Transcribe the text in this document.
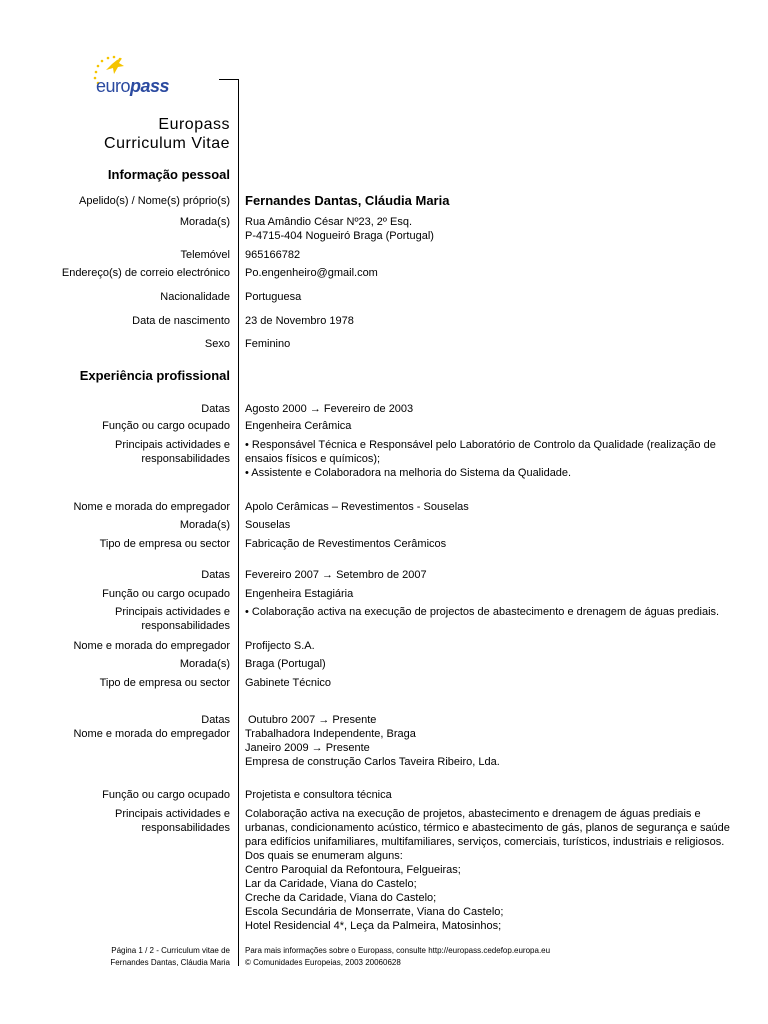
europass
Europass
Curriculum Vitae
Informação pessoal
Apelido(s) / Nome(s) próprio(s) Fernandes Dantas, Cláudia Maria
Morada(s) Rua Amândio César Nº23, 2º Esq.
P-4715-404 Nogueiró Braga (Portugal)
Telemóvel 965166782
Endereço(s) de correio electrónico Po.engenheiro@gmail.com
Nacionalidade Portuguesa
Data de nascimento 23 de Novembro 1978
Sexo Feminino
Experiência profissional
Datas Agosto 2000 → Fevereiro de 2003
Função ou cargo ocupado Engenheira Cerâmica
Principais actividades e
responsabilidades
• Responsável Técnica e Responsável pelo Laboratório de Controlo da Qualidade (realização de
ensaios físicos e químicos);
• Assistente e Colaboradora na melhoria do Sistema da Qualidade.
Nome e morada do empregador Apolo Cerâmicas – Revestimentos - Souselas
Morada(s) Souselas
Tipo de empresa ou sector Fabricação de Revestimentos Cerâmicos
Datas Fevereiro 2007 → Setembro de 2007
Função ou cargo ocupado Engenheira Estagiária
Principais actividades e
responsabilidades
• Colaboração activa na execução de projectos de abastecimento e drenagem de águas prediais.
Nome e morada do empregador Profijecto S.A.
Morada(s) Braga (Portugal)
Tipo de empresa ou sector Gabinete Técnico
Datas Outubro 2007 → Presente
Nome e morada do empregador Trabalhadora Independente, Braga
Janeiro 2009 → Presente
Empresa de construção Carlos Taveira Ribeiro, Lda.
Função ou cargo ocupado Projetista e consultora técnica
Principais actividades e
responsabilidades
Colaboração activa na execução de projetos, abastecimento e drenagem de águas prediais e
urbanas, condicionamento acústico, térmico e abastecimento de gás, planos de segurança e saúde
para edifícios unifamiliares, multifamiliares, serviços, comerciais, turísticos, industriais e religiosos.
Dos quais se enumeram alguns:
Centro Paroquial da Refontoura, Felgueiras;
Lar da Caridade, Viana do Castelo;
Creche da Caridade, Viana do Castelo;
Escola Secundária de Monserrate, Viana do Castelo;
Hotel Residencial 4*, Leça da Palmeira, Matosinhos;
Página 1 / 2 - Curriculum vitae de
Fernandes Dantas, Cláudia Maria
Para mais informações sobre o Europass, consulte http://europass.cedefop.europa.eu
© Comunidades Europeias, 2003 20060628
